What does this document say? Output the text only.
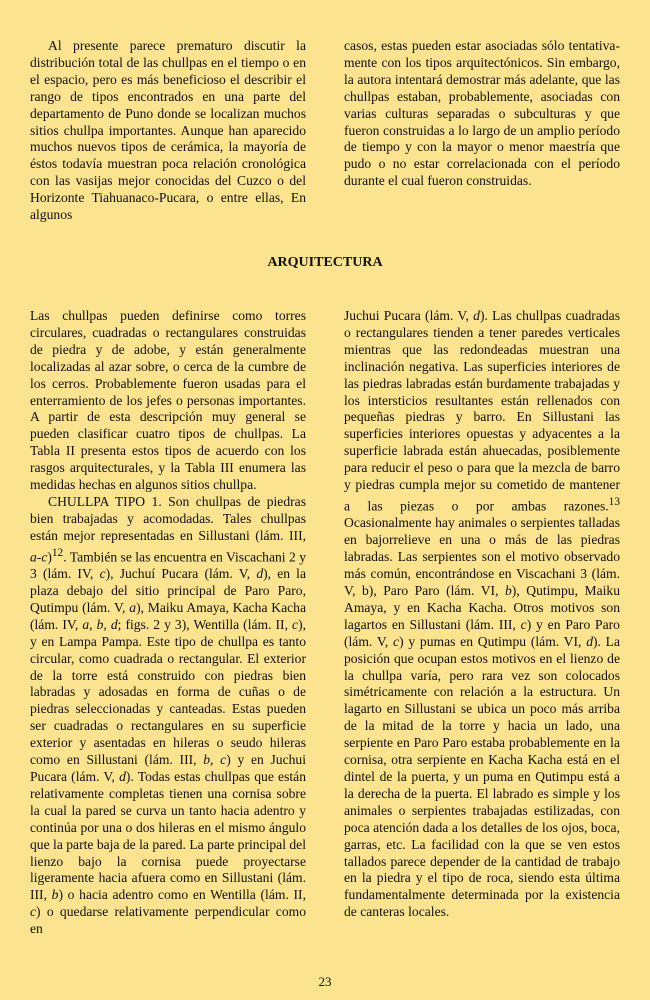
Al presente parece prematuro discutir la distribución total de las chullpas en el tiempo o en el espacio, pero es más beneficioso el describir el rango de tipos encontrados en una parte del departamento de Puno donde se localizan muchos sitios chullpa importantes. Aunque han aparecido muchos nuevos tipos de cerámica, la mayoría de éstos todavía muestran poca relación cronológica con las vasijas mejor conocidas del Cuzco o del Horizonte Tiahuanaco-Pucara, o entre ellas, En algunos

casos, estas pueden estar asociadas sólo tentativa-mente con los tipos arquitectónicos. Sin embargo, la autora intentará demostrar más adelante, que las chullpas estaban, probablemente, asociadas con varias culturas separadas o subculturas y que fueron construidas a lo largo de un amplio período de tiempo y con la mayor o menor maestría que pudo o no estar correlacionada con el período durante el cual fueron construidas.

ARQUITECTURA

Las chullpas pueden definirse como torres circulares, cuadradas o rectangulares construidas de piedra y de adobe, y están generalmente localizadas al azar sobre, o cerca de la cumbre de los cerros. Probablemente fueron usadas para el enterramiento de los jefes o personas importantes. A partir de esta descripción muy general se pueden clasificar cuatro tipos de chullpas. La Tabla II presenta estos tipos de acuerdo con los rasgos arquitecturales, y la Tabla III enumera las medidas hechas en algunos sitios chullpa.

CHULLPA TIPO 1. Son chullpas de piedras bien trabajadas y acomodadas. Tales chullpas están mejor representadas en Sillustani (lám. III, a-c)$^{12}$. También se las encuentra en Viscachani 2 y 3 (lám. IV, c), Juchuí Pucara (lám. V, d), en la plaza debajo del sitio principal de Paro Paro, Qutimpu (lám. V, a), Maiku Amaya, Kacha Kacha (lám. IV, a, b, d; figs. 2 y 3), Wentilla (lám. II, c), y en Lampa Pampa. Este tipo de chullpa es tanto circular, como cuadrada o rectangular. El exterior de la torre está construido con piedras bien labradas y adosadas en forma de cuñas o de piedras seleccionadas y canteadas. Estas pueden ser cuadradas o rectangulares en su superficie exterior y asentadas en hileras o seudo hileras como en Sillustani (lám. III, b, c) y en Juchui Pucara (lám. V, d). Todas estas chullpas que están relativamente completas tienen una cornisa sobre la cual la pared se curva un tanto hacia adentro y continúa por una o dos hileras en el mismo ángulo que la parte baja de la pared. La parte principal del lienzo bajo la cornisa puede proyectarse ligeramente hacia afuera como en Sillustani (lám. III, b) o hacia adentro como en Wentilla (lám. II, c) o quedarse relativamente perpendicular como en

Juchui Pucara (lám. V, d). Las chullpas cuadradas o rectangulares tienden a tener paredes verticales mientras que las redondeadas muestran una inclinación negativa. Las superficies interiores de las piedras labradas están burdamente trabajadas y los intersticios resultantes están rellenados con pequeñas piedras y barro. En Sillustani las superficies interiores opuestas y adyacentes a la superficie labrada están ahuecadas, posiblemente para reducir el peso o para que la mezcla de barro y piedras cumpla mejor su cometido de mantener a las piezas o por ambas razones.$^{13}$ Ocasionalmente hay animales o serpientes talladas en bajorrelieve en una o más de las piedras labradas. Las serpientes son el motivo observado más común, encontrándose en Viscachani 3 (lám. V, b), Paro Paro (lám. VI, b), Qutimpu, Maiku Amaya, y en Kacha Kacha. Otros motivos son lagartos en Sillustani (lám. III, c) y en Paro Paro (lám. V, c) y pumas en Qutimpu (lám. VI, d). La posición que ocupan estos motivos en el lienzo de la chullpa varía, pero rara vez son colocados simétricamente con relación a la estructura. Un lagarto en Sillustani se ubica un poco más arriba de la mitad de la torre y hacia un lado, una serpiente en Paro Paro estaba probablemente en la cornisa, otra serpiente en Kacha Kacha está en el dintel de la puerta, y un puma en Qutimpu está a la derecha de la puerta. El labrado es simple y los animales o serpientes trabajadas estilizadas, con poca atención dada a los detalles de los ojos, boca, garras, etc. La facilidad con la que se ven estos tallados parece depender de la cantidad de trabajo en la piedra y el tipo de roca, siendo esta última fundamentalmente determinada por la existencia de canteras locales.

23
